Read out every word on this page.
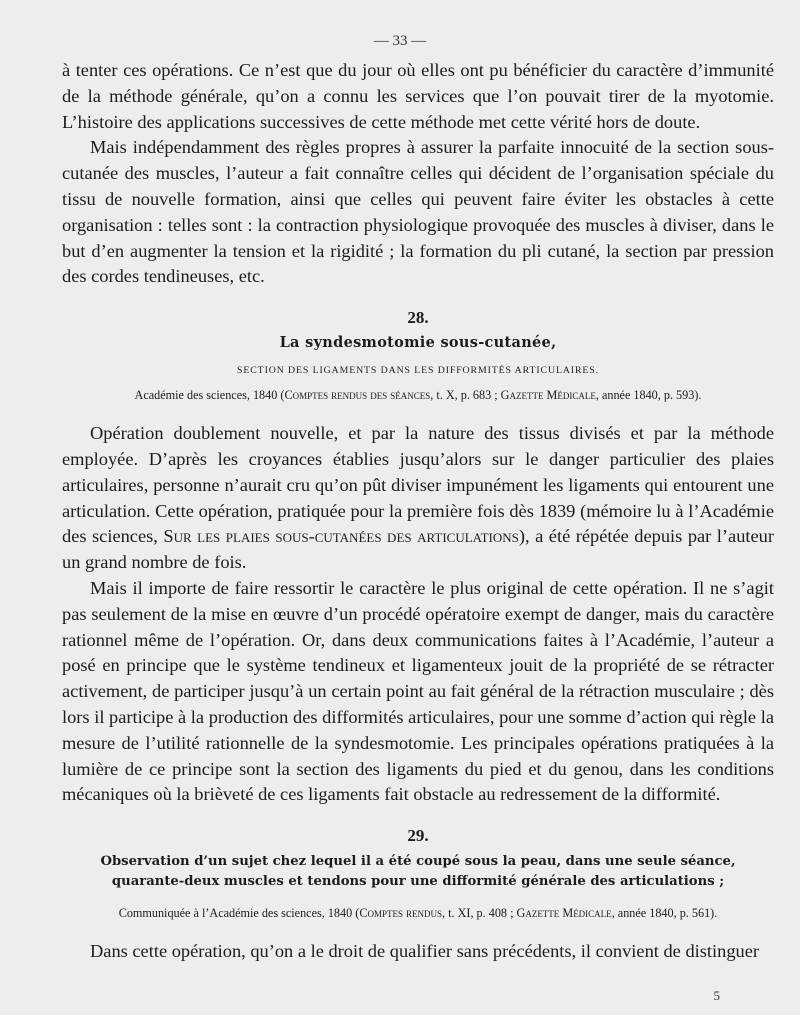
— 33 —

à tenter ces opérations. Ce n’est que du jour où elles ont pu bénéficier du caractère d’immunité de la méthode générale, qu’on a connu les services que l’on pouvait tirer de la myotomie. L’histoire des applications successives de cette méthode met cette vérité hors de doute.

Mais indépendamment des règles propres à assurer la parfaite innocuité de la section sous-cutanée des muscles, l’auteur a fait connaître celles qui décident de l’organisation spéciale du tissu de nouvelle formation, ainsi que celles qui peuvent faire éviter les obstacles à cette organisation : telles sont : la contraction physiologique provoquée des muscles à diviser, dans le but d’en augmenter la tension et la rigidité ; la formation du pli cutané, la section par pression des cordes tendineuses, etc.

28.
La syndesmotomie sous-cutanée,
SECTION DES LIGAMENTS DANS LES DIFFORMITÉS ARTICULAIRES.
Académie des sciences, 1840 (Comptes rendus des séances, t. X, p. 683 ; Gazette Médicale, année 1840, p. 593).

Opération doublement nouvelle, et par la nature des tissus divisés et par la méthode employée. D’après les croyances établies jusqu’alors sur le danger particulier des plaies articulaires, personne n’aurait cru qu’on pût diviser impunément les ligaments qui entourent une articulation. Cette opération, pratiquée pour la première fois dès 1839 (mémoire lu à l’Académie des sciences, Sur les plaies sous-cutanées des articulations), a été répétée depuis par l’auteur un grand nombre de fois.

Mais il importe de faire ressortir le caractère le plus original de cette opération. Il ne s’agit pas seulement de la mise en œuvre d’un procédé opératoire exempt de danger, mais du caractère rationnel même de l’opération. Or, dans deux communications faites à l’Académie, l’auteur a posé en principe que le système tendineux et ligamenteux jouit de la propriété de se rétracter activement, de participer jusqu’à un certain point au fait général de la rétraction musculaire ; dès lors il participe à la production des difformités articulaires, pour une somme d’action qui règle la mesure de l’utilité rationnelle de la syndesmotomie. Les principales opérations pratiquées à la lumière de ce principe sont la section des ligaments du pied et du genou, dans les conditions mécaniques où la brièveté de ces ligaments fait obstacle au redressement de la difformité.

29.
Observation d’un sujet chez lequel il a été coupé sous la peau, dans une seule séance, quarante-deux muscles et tendons pour une difformité générale des articulations ;
Communiquée à l’Académie des sciences, 1840 (Comptes rendus, t. XI, p. 408 ; Gazette Médicale, année 1840, p. 561).

Dans cette opération, qu’on a le droit de qualifier sans précédents, il convient de distinguer

5
